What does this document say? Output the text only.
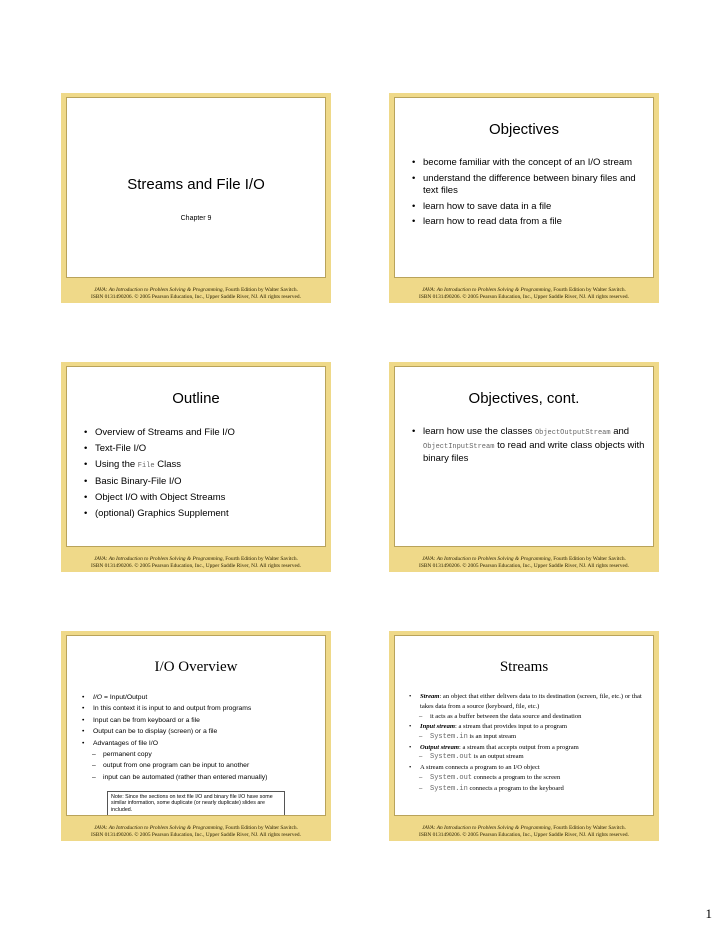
Streams and File I/O
Chapter 9
JAVA: An Introduction to Problem Solving & Programming, Fourth Edition by Walter Savitch.
ISBN 0131490206. © 2005 Pearson Education, Inc., Upper Saddle River, NJ. All rights reserved.
Objectives
• become familiar with the concept of an I/O stream
• understand the difference between binary files and text files
• learn how to save data in a file
• learn how to read data from a file
JAVA: An Introduction to Problem Solving & Programming, Fourth Edition by Walter Savitch.
ISBN 0131490206. © 2005 Pearson Education, Inc., Upper Saddle River, NJ. All rights reserved.
Outline
• Overview of Streams and File I/O
• Text-File I/O
• Using the File Class
• Basic Binary-File I/O
• Object I/O with Object Streams
• (optional) Graphics Supplement
JAVA: An Introduction to Problem Solving & Programming, Fourth Edition by Walter Savitch.
ISBN 0131490206. © 2005 Pearson Education, Inc., Upper Saddle River, NJ. All rights reserved.
Objectives, cont.
• learn how use the classes ObjectOutputStream and ObjectInputStream to read and write class objects with binary files
JAVA: An Introduction to Problem Solving & Programming, Fourth Edition by Walter Savitch.
ISBN 0131490206. © 2005 Pearson Education, Inc., Upper Saddle River, NJ. All rights reserved.
I/O Overview
• I/O = Input/Output
• In this context it is input to and output from programs
• Input can be from keyboard or a file
• Output can be to display (screen) or a file
• Advantages of file I/O
– permanent copy
– output from one program can be input to another
– input can be automated (rather than entered manually)
Note: Since the sections on text file I/O and binary file I/O have some similar information, some duplicate (or nearly duplicate) slides are included.
JAVA: An Introduction to Problem Solving & Programming, Fourth Edition by Walter Savitch.
ISBN 0131490206. © 2005 Pearson Education, Inc., Upper Saddle River, NJ. All rights reserved.
Streams
• Stream: an object that either delivers data to its destination (screen, file, etc.) or that takes data from a source (keyboard, file, etc.)
– it acts as a buffer between the data source and destination
• Input stream: a stream that provides input to a program
– System.in is an input stream
• Output stream: a stream that accepts output from a program
– System.out is an output stream
• A stream connects a program to an I/O object
– System.out connects a program to the screen
– System.in connects a program to the keyboard
JAVA: An Introduction to Problem Solving & Programming, Fourth Edition by Walter Savitch.
ISBN 0131490206. © 2005 Pearson Education, Inc., Upper Saddle River, NJ. All rights reserved.
1
